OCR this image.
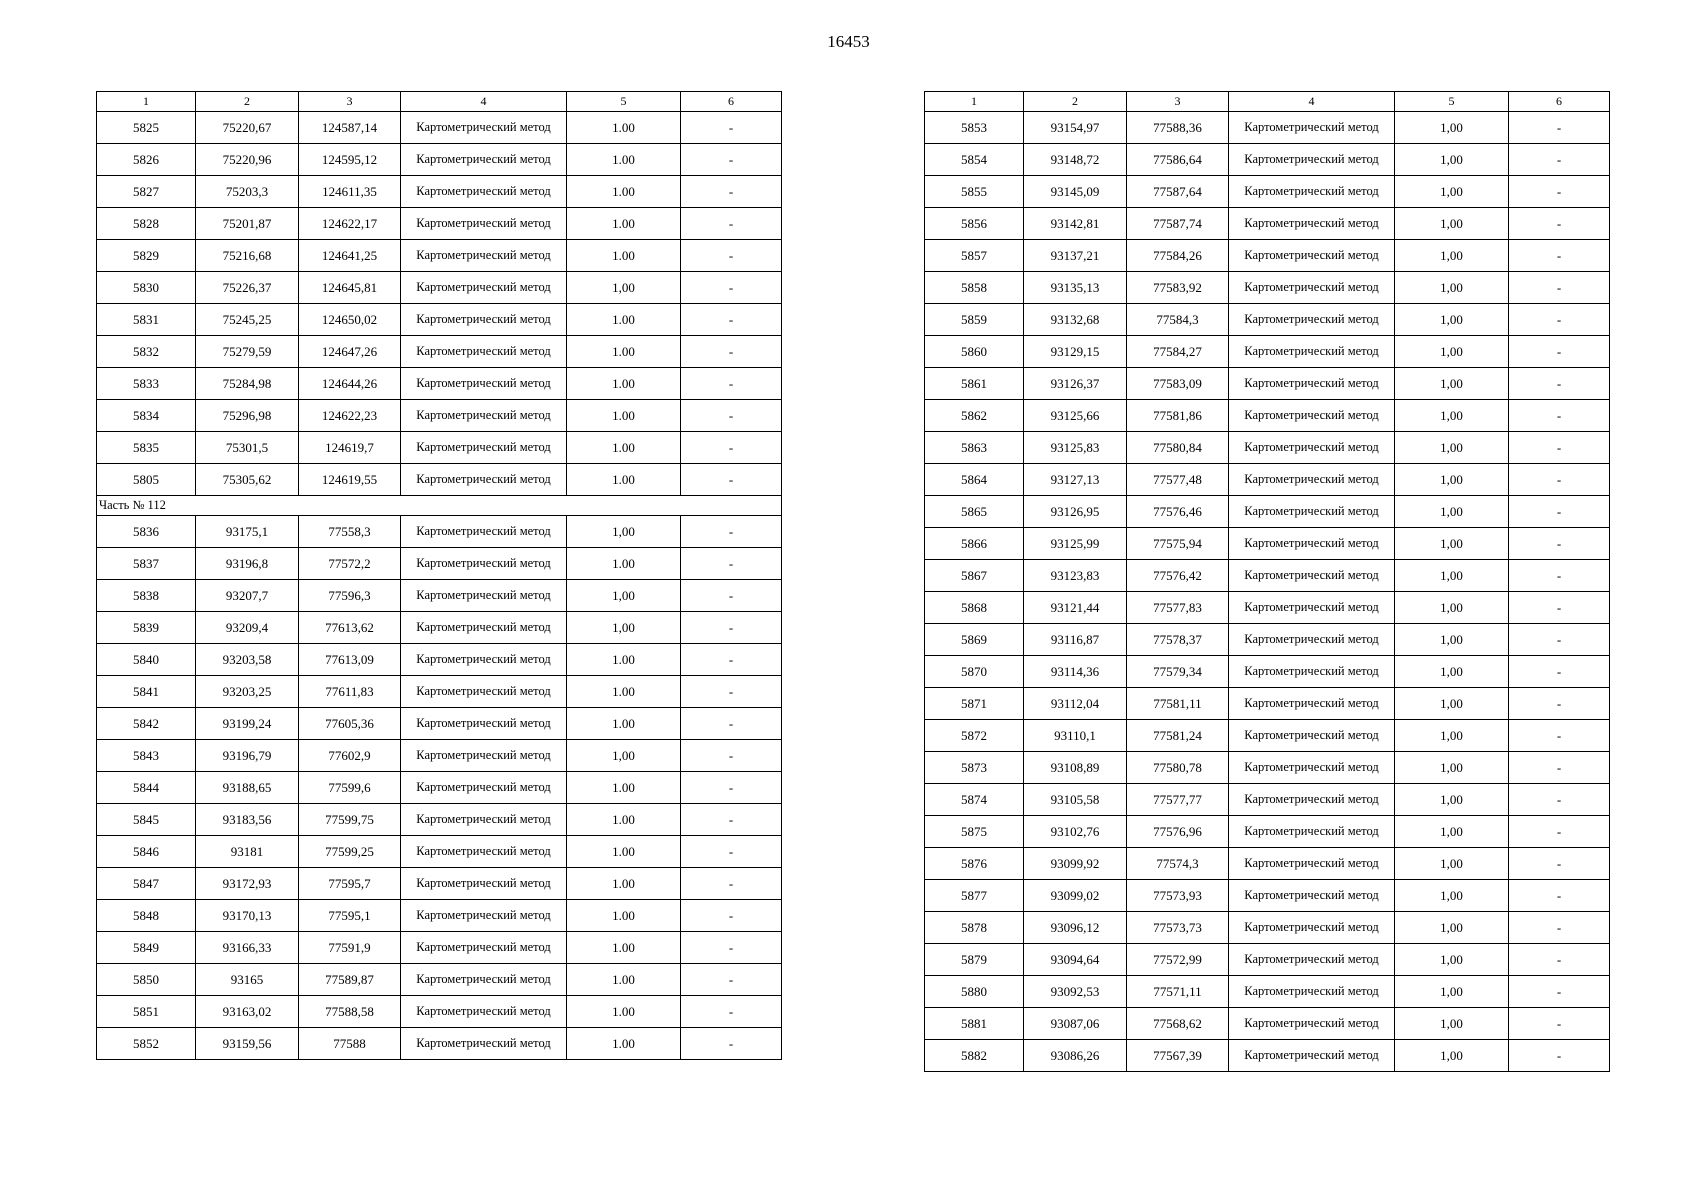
16453
1	2	3	4	5	6
5825	75220,67	124587,14	Картометрический метод	1.00	-
5826	75220,96	124595,12	Картометрический метод	1.00	-
5827	75203,3	124611,35	Картометрический метод	1.00	-
5828	75201,87	124622,17	Картометрический метод	1.00	-
5829	75216,68	124641,25	Картометрический метод	1.00	-
5830	75226,37	124645,81	Картометрический метод	1,00	-
5831	75245,25	124650,02	Картометрический метод	1.00	-
5832	75279,59	124647,26	Картометрический метод	1.00	-
5833	75284,98	124644,26	Картометрический метод	1.00	-
5834	75296,98	124622,23	Картометрический метод	1.00	-
5835	75301,5	124619,7	Картометрический метод	1.00	-
5805	75305,62	124619,55	Картометрический метод	1.00	-
Часть № 112					
5836	93175,1	77558,3	Картометрический метод	1,00	-
5837	93196,8	77572,2	Картометрический метод	1.00	-
5838	93207,7	77596,3	Картометрический метод	1,00	-
5839	93209,4	77613,62	Картометрический метод	1,00	-
5840	93203,58	77613,09	Картометрический метод	1.00	-
5841	93203,25	77611,83	Картометрический метод	1.00	-
5842	93199,24	77605,36	Картометрический метод	1.00	-
5843	93196,79	77602,9	Картометрический метод	1,00	-
5844	93188,65	77599,6	Картометрический метод	1.00	-
5845	93183,56	77599,75	Картометрический метод	1.00	-
5846	93181	77599,25	Картометрический метод	1.00	-
5847	93172,93	77595,7	Картометрический метод	1.00	-
5848	93170,13	77595,1	Картометрический метод	1.00	-
5849	93166,33	77591,9	Картометрический метод	1.00	-
5850	93165	77589,87	Картометрический метод	1.00	-
5851	93163,02	77588,58	Картометрический метод	1.00	-
5852	93159,56	77588	Картометрический метод	1.00	-
1	2	3	4	5	6
5853	93154,97	77588,36	Картометрический метод	1,00	-
5854	93148,72	77586,64	Картометрический метод	1,00	-
5855	93145,09	77587,64	Картометрический метод	1,00	-
5856	93142,81	77587,74	Картометрический метод	1,00	-
5857	93137,21	77584,26	Картометрический метод	1,00	-
5858	93135,13	77583,92	Картометрический метод	1,00	-
5859	93132,68	77584,3	Картометрический метод	1,00	-
5860	93129,15	77584,27	Картометрический метод	1,00	-
5861	93126,37	77583,09	Картометрический метод	1,00	-
5862	93125,66	77581,86	Картометрический метод	1,00	-
5863	93125,83	77580,84	Картометрический метод	1,00	-
5864	93127,13	77577,48	Картометрический метод	1,00	-
5865	93126,95	77576,46	Картометрический метод	1,00	-
5866	93125,99	77575,94	Картометрический метод	1,00	-
5867	93123,83	77576,42	Картометрический метод	1,00	-
5868	93121,44	77577,83	Картометрический метод	1,00	-
5869	93116,87	77578,37	Картометрический метод	1,00	-
5870	93114,36	77579,34	Картометрический метод	1,00	-
5871	93112,04	77581,11	Картометрический метод	1,00	-
5872	93110,1	77581,24	Картометрический метод	1,00	-
5873	93108,89	77580,78	Картометрический метод	1,00	-
5874	93105,58	77577,77	Картометрический метод	1,00	-
5875	93102,76	77576,96	Картометрический метод	1,00	-
5876	93099,92	77574,3	Картометрический метод	1,00	-
5877	93099,02	77573,93	Картометрический метод	1,00	-
5878	93096,12	77573,73	Картометрический метод	1,00	-
5879	93094,64	77572,99	Картометрический метод	1,00	-
5880	93092,53	77571,11	Картометрический метод	1,00	-
5881	93087,06	77568,62	Картометрический метод	1,00	-
5882	93086,26	77567,39	Картометрический метод	1,00	-
